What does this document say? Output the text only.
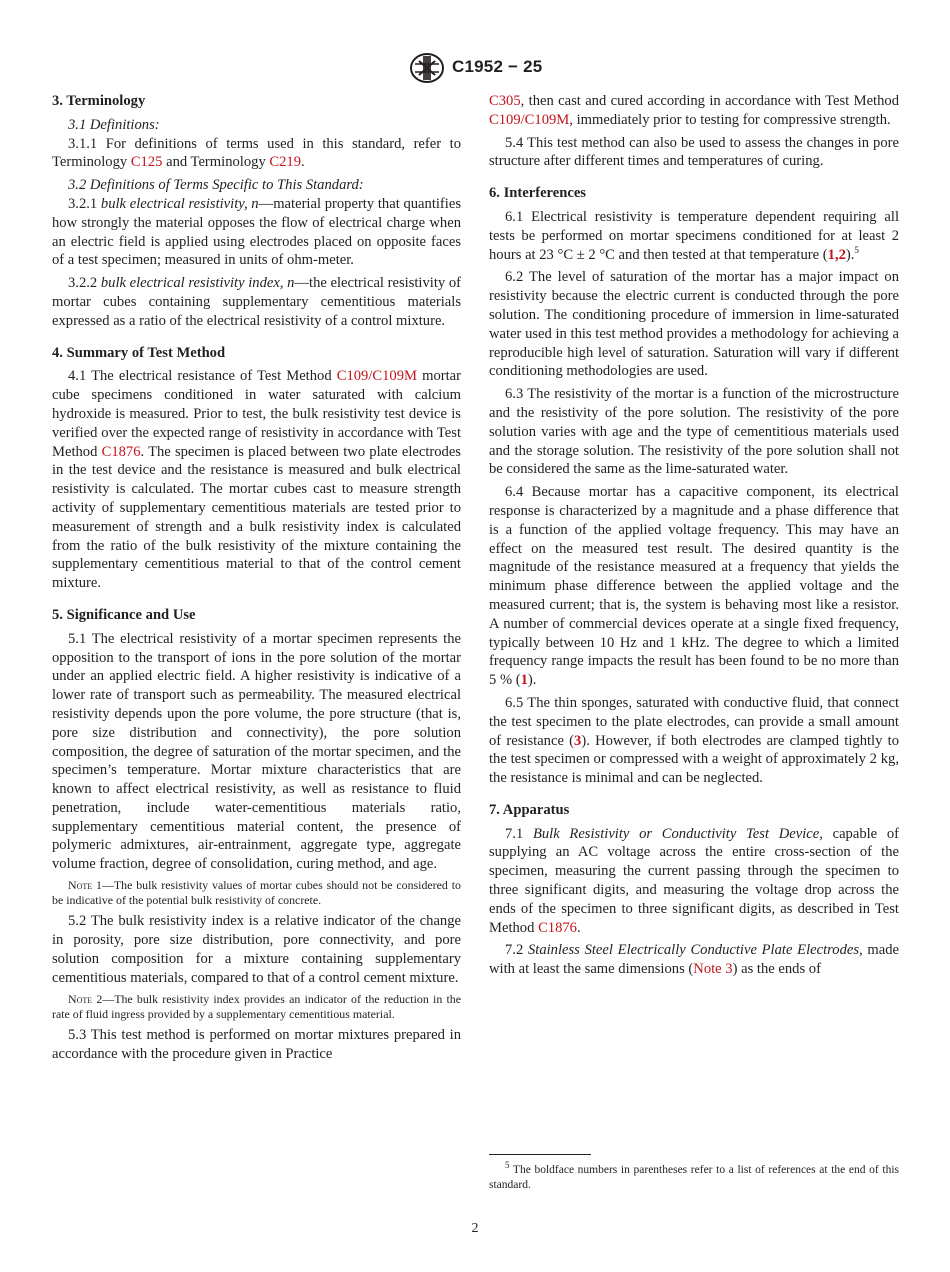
C1952 − 25
3. Terminology

3.1 Definitions:

3.1.1 For definitions of terms used in this standard, refer to Terminology C125 and Terminology C219.

3.2 Definitions of Terms Specific to This Standard:

3.2.1 bulk electrical resistivity, n—material property that quantifies how strongly the material opposes the flow of electrical charge when an electric field is applied using electrodes placed on opposite faces of a test specimen; measured in units of ohm-meter.

3.2.2 bulk electrical resistivity index, n—the electrical resistivity of mortar cubes containing supplementary cementitious materials expressed as a ratio of the electrical resistivity of a control mixture.

4. Summary of Test Method

4.1 The electrical resistance of Test Method C109/C109M mortar cube specimens conditioned in water saturated with calcium hydroxide is measured. Prior to test, the bulk resistivity test device is verified over the expected range of resistivity in accordance with Test Method C1876. The specimen is placed between two plate electrodes in the test device and the resistance is measured and bulk electrical resistivity is calculated. The mortar cubes cast to measure strength activity of supplementary cementitious materials are tested prior to measurement of strength and a bulk resistivity index is calculated from the ratio of the bulk resistivity of the mixture containing the supplementary cementitious material to that of the control cement mixture.

5. Significance and Use

5.1 The electrical resistivity of a mortar specimen represents the opposition to the transport of ions in the pore solution of the mortar under an applied electric field. A higher resistivity is indicative of a lower rate of transport such as permeability. The measured electrical resistivity depends upon the pore volume, the pore structure (that is, pore size distribution and connectivity), the pore solution composition, the degree of saturation of the mortar specimen, and the specimen’s temperature. Mortar mixture characteristics that are known to affect electrical resistivity, as well as resistance to fluid penetration, include water-cementitious materials ratio, supplementary cementitious material content, the presence of polymeric admixtures, air-entrainment, aggregate type, aggregate volume fraction, degree of consolidation, curing method, and age.

Note 1—The bulk resistivity values of mortar cubes should not be considered to be indicative of the potential bulk resistivity of concrete.

5.2 The bulk resistivity index is a relative indicator of the change in porosity, pore size distribution, pore connectivity, and pore solution composition for a mixture containing supplementary cementitious materials, compared to that of a control cement mixture.

Note 2—The bulk resistivity index provides an indicator of the reduction in the rate of fluid ingress provided by a supplementary cementitious material.

5.3 This test method is performed on mortar mixtures prepared in accordance with the procedure given in Practice

C305, then cast and cured according in accordance with Test Method C109/C109M, immediately prior to testing for compressive strength.

5.4 This test method can also be used to assess the changes in pore structure after different times and temperatures of curing.

6. Interferences

6.1 Electrical resistivity is temperature dependent requiring all tests be performed on mortar specimens conditioned for at least 2 hours at 23 °C ± 2 °C and then tested at that temperature (1,2).$^5$

6.2 The level of saturation of the mortar has a major impact on resistivity because the electric current is conducted through the pore solution. The conditioning procedure of immersion in lime-saturated water used in this test method provides a methodology for achieving a reproducible high level of saturation. Saturation will vary if different conditioning methodologies are used.

6.3 The resistivity of the mortar is a function of the microstructure and the resistivity of the pore solution. The resistivity of the pore solution varies with age and the type of cementitious materials used and the storage solution. The resistivity of the pore solution shall not be considered the same as the lime-saturated water.

6.4 Because mortar has a capacitive component, its electrical response is characterized by a magnitude and a phase difference that is a function of the applied voltage frequency. This may have an effect on the measured test result. The desired quantity is the magnitude of the resistance measured at a frequency that yields the minimum phase difference between the applied voltage and the measured current; that is, the system is behaving most like a resistor. A number of commercial devices operate at a single fixed frequency, typically between 10 Hz and 1 kHz. The degree to which a limited frequency range impacts the result has been found to be no more than 5 % (1).

6.5 The thin sponges, saturated with conductive fluid, that connect the test specimen to the plate electrodes, can provide a small amount of resistance (3). However, if both electrodes are clamped tightly to the test specimen or compressed with a weight of approximately 2 kg, the resistance is minimal and can be neglected.

7. Apparatus

7.1 Bulk Resistivity or Conductivity Test Device, capable of supplying an AC voltage across the entire cross-section of the specimen, measuring the current passing through the specimen to three significant digits, and measuring the voltage drop across the ends of the specimen to three significant digits, as described in Test Method C1876.

7.2 Stainless Steel Electrically Conductive Plate Electrodes, made with at least the same dimensions (Note 3) as the ends of

$^5$ The boldface numbers in parentheses refer to a list of references at the end of this standard.
2
